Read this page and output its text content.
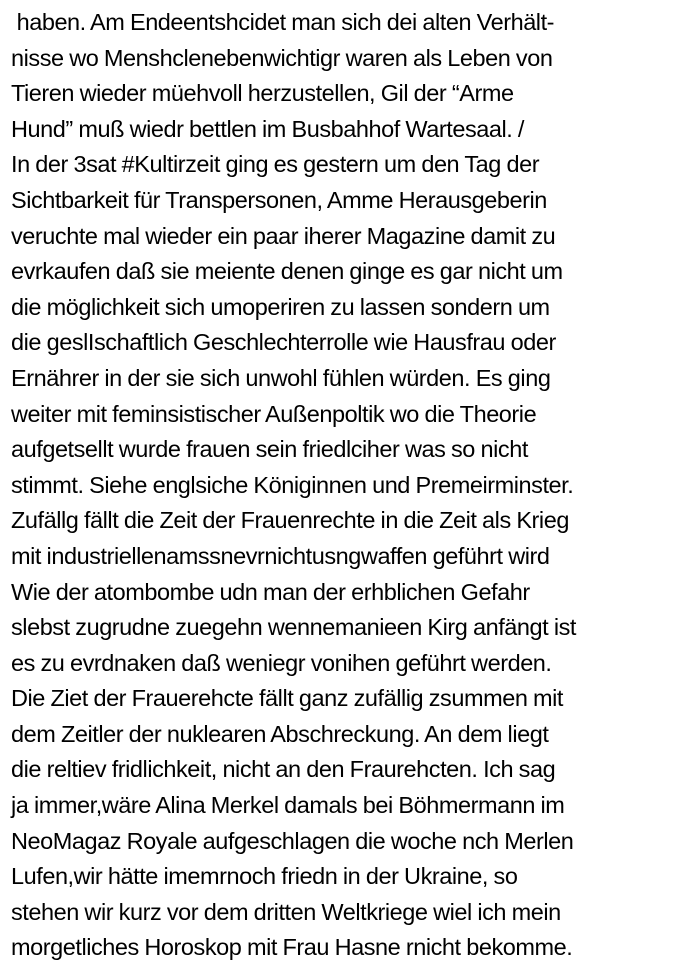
haben. Am Endeentshcidet man sich dei alten Verhält-
nisse wo Menshclenebenwichtigr waren als Leben von
Tieren wieder müehvoll herzustellen, Gil der “Arme
Hund” muß wiedr bettlen im Busbahhof Wartesaal. /
In der 3sat #Kultirzeit ging es gestern um den Tag der
Sichtbarkeit für Transpersonen, Amme Herausgeberin
veruchte mal wieder ein paar iherer Magazine damit zu
evrkaufen daß sie meiente denen ginge es gar nicht um
die möglichkeit sich umoperiren zu lassen sondern um
die geslIschaftlich Geschlechterrolle wie Hausfrau oder
Ernährer in der sie sich unwohl fühlen würden. Es ging
weiter mit feminsistischer Außenpoltik wo die Theorie
aufgetsellt wurde frauen sein friedlciher was so nicht
stimmt. Siehe englsiche Königinnen und Premeirminster.
Zufällg fällt die Zeit der Frauenrechte in die Zeit als Krieg
mit industriellenamssnevrnichtusngwaffen geführt wird
Wie der atombombe udn man der erhblichen Gefahr
slebst zugrudne zuegehn wennemanieen Kirg anfängt ist
es zu evrdnaken daß weniegr vonihen geführt werden.
Die Ziet der Frauerehcte fällt ganz zufällig zsummen mit
dem Zeitler der nuklearen Abschreckung. An dem liegt
die reltiev fridlichkeit, nicht an den Fraurehcten. Ich sag
ja immer,wäre Alina Merkel damals bei Böhmermann im
NeoMagaz Royale aufgeschlagen die woche nch Merlen
Lufen,wir hätte imemrnoch friedn in der Ukraine, so
stehen wir kurz vor dem dritten Weltkriege wiel ich mein
morgetliches Horoskop mit Frau Hasne rnicht bekomme.
